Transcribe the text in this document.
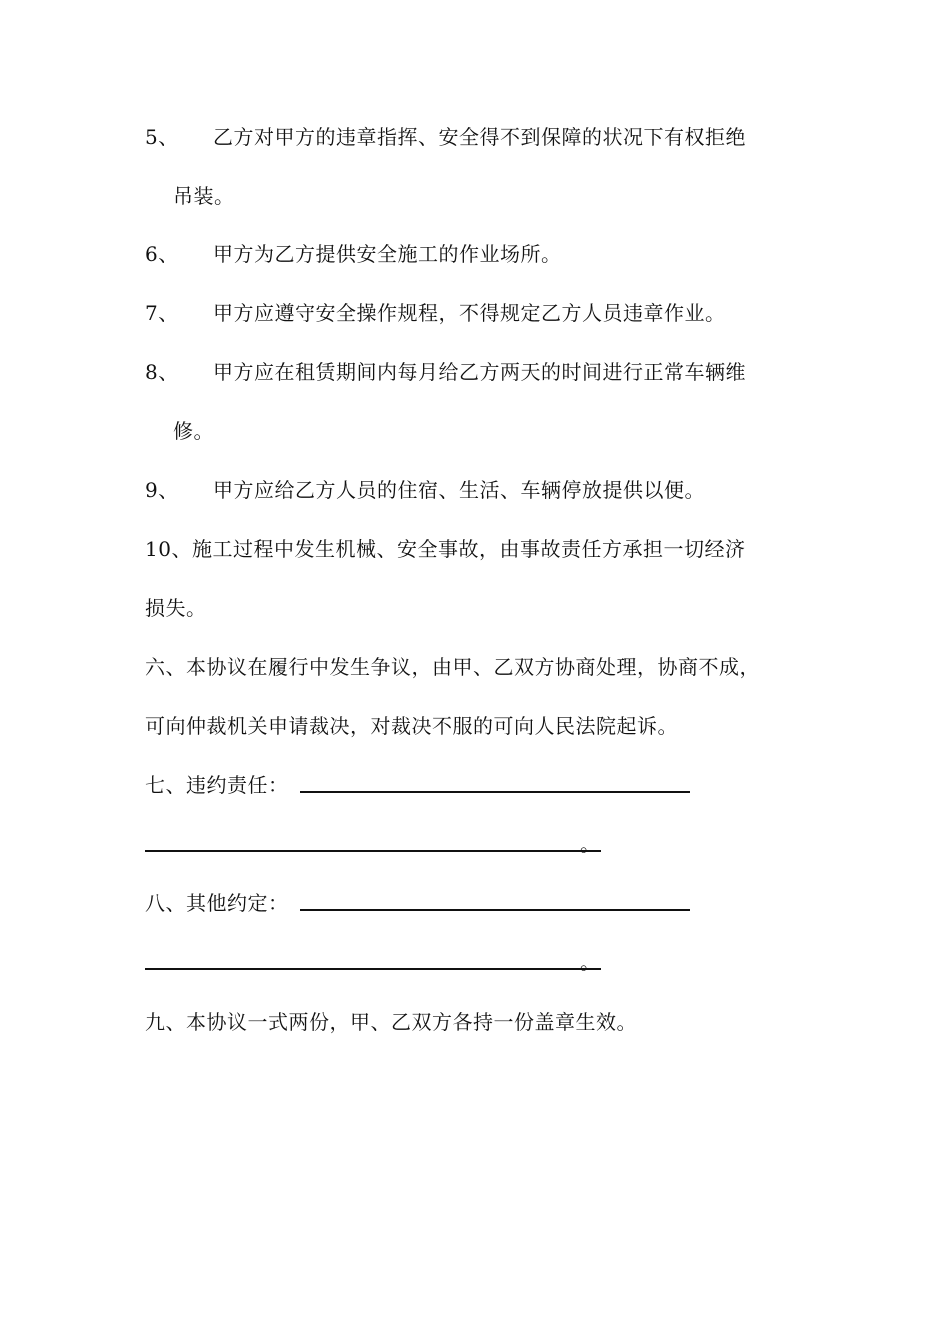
5、 乙方对甲方的违章指挥、安全得不到保障的状况下有权拒绝
吊装。
6、 甲方为乙方提供安全施工的作业场所。
7、 甲方应遵守安全操作规程，不得规定乙方人员违章作业。
8、 甲方应在租赁期间内每月给乙方两天的时间进行正常车辆维
修。
9、 甲方应给乙方人员的住宿、生活、车辆停放提供以便。
10、施工过程中发生机械、安全事故，由事故责任方承担一切经济
损失。
六、本协议在履行中发生争议，由甲、乙双方协商处理，协商不成，
可向仲裁机关申请裁决，对裁决不服的可向人民法院起诉。
七、违约责任：
。
八、其他约定：
。
九、本协议一式两份，甲、乙双方各持一份盖章生效。
